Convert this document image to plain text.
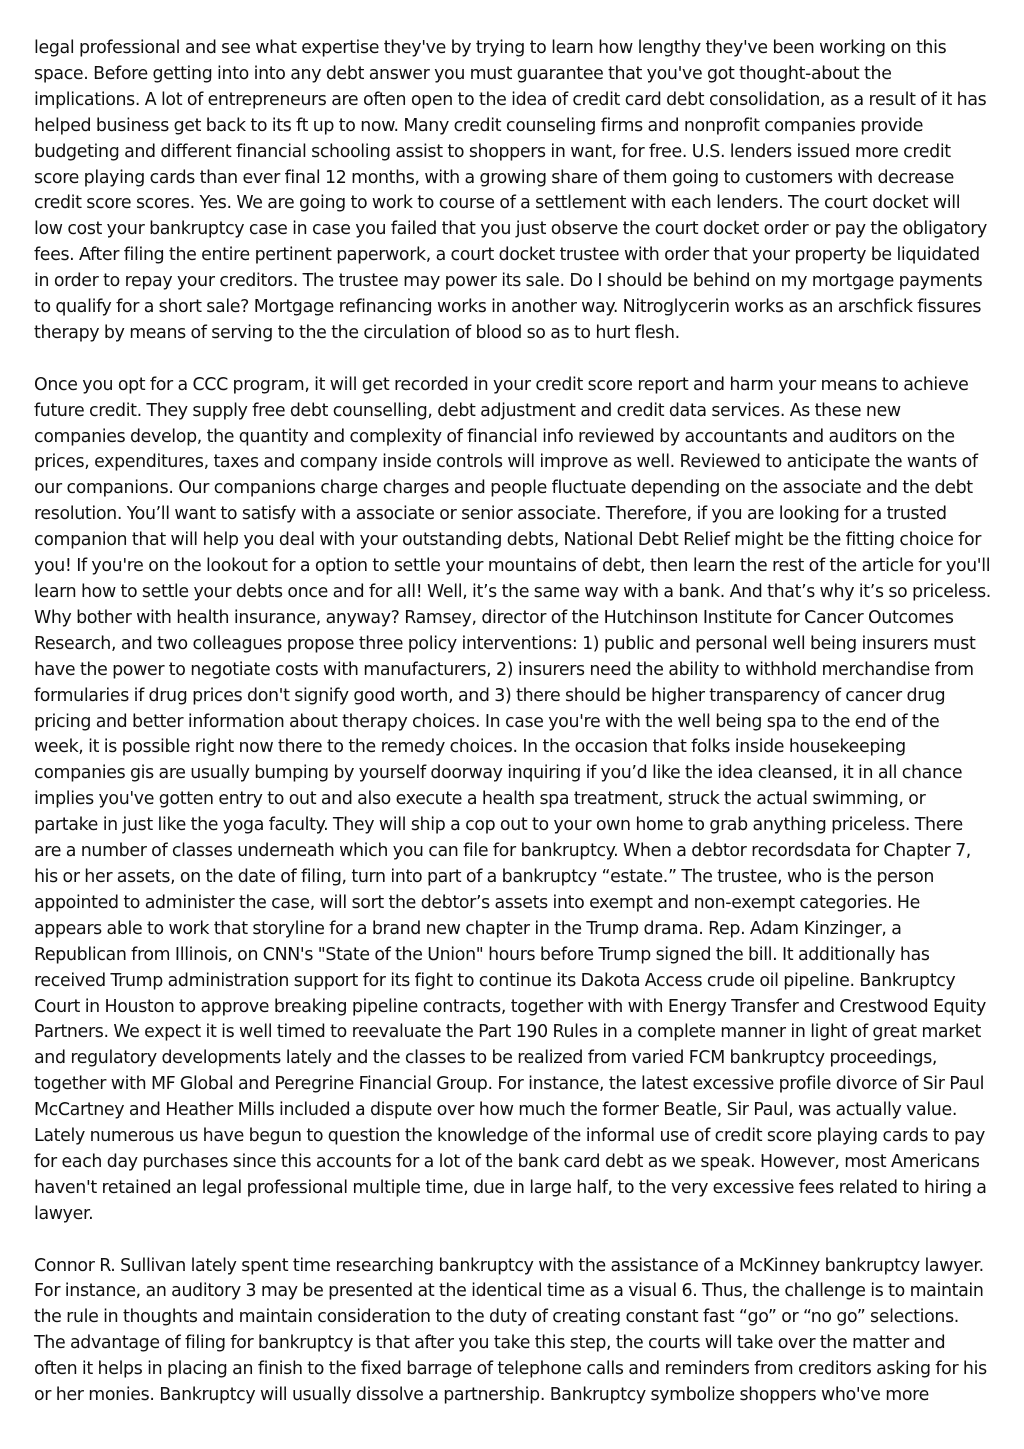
legal professional and see what expertise they've by trying to learn how lengthy they've been working on this space. Before getting into into any debt answer you must guarantee that you've got thought-about the implications. A lot of entrepreneurs are often open to the idea of credit card debt consolidation, as a result of it has helped business get back to its ft up to now. Many credit counseling firms and nonprofit companies provide budgeting and different financial schooling assist to shoppers in want, for free. U.S. lenders issued more credit score playing cards than ever final 12 months, with a growing share of them going to customers with decrease credit score scores. Yes. We are going to work to course of a settlement with each lenders. The court docket will low cost your bankruptcy case in case you failed that you just observe the court docket order or pay the obligatory fees. After filing the entire pertinent paperwork, a court docket trustee with order that your property be liquidated in order to repay your creditors. The trustee may power its sale. Do I should be behind on my mortgage payments to qualify for a short sale? Mortgage refinancing works in another way. Nitroglycerin works as an arschfick fissures therapy by means of serving to the the circulation of blood so as to hurt flesh.

Once you opt for a CCC program, it will get recorded in your credit score report and harm your means to achieve future credit. They supply free debt counselling, debt adjustment and credit data services. As these new companies develop, the quantity and complexity of financial info reviewed by accountants and auditors on the prices, expenditures, taxes and company inside controls will improve as well. Reviewed to anticipate the wants of our companions. Our companions charge charges and people fluctuate depending on the associate and the debt resolution. You’ll want to satisfy with a associate or senior associate. Therefore, if you are looking for a trusted companion that will help you deal with your outstanding debts, National Debt Relief might be the fitting choice for you! If you're on the lookout for a option to settle your mountains of debt, then learn the rest of the article for you'll learn how to settle your debts once and for all! Well, it’s the same way with a bank. And that’s why it’s so priceless. Why bother with health insurance, anyway? Ramsey, director of the Hutchinson Institute for Cancer Outcomes Research, and two colleagues propose three policy interventions: 1) public and personal well being insurers must have the power to negotiate costs with manufacturers, 2) insurers need the ability to withhold merchandise from formularies if drug prices don't signify good worth, and 3) there should be higher transparency of cancer drug pricing and better information about therapy choices. In case you're with the well being spa to the end of the week, it is possible right now there to the remedy choices. In the occasion that folks inside housekeeping companies gis are usually bumping by yourself doorway inquiring if you’d like the idea cleansed, it in all chance implies you've gotten entry to out and also execute a health spa treatment, struck the actual swimming, or partake in just like the yoga faculty. They will ship a cop out to your own home to grab anything priceless. There are a number of classes underneath which you can file for bankruptcy. When a debtor recordsdata for Chapter 7, his or her assets, on the date of filing, turn into part of a bankruptcy “estate.” The trustee, who is the person appointed to administer the case, will sort the debtor’s assets into exempt and non-exempt categories. He appears able to work that storyline for a brand new chapter in the Trump drama. Rep. Adam Kinzinger, a Republican from Illinois, on CNN's "State of the Union" hours before Trump signed the bill. It additionally has received Trump administration support for its fight to continue its Dakota Access crude oil pipeline. Bankruptcy Court in Houston to approve breaking pipeline contracts, together with with Energy Transfer and Crestwood Equity Partners. We expect it is well timed to reevaluate the Part 190 Rules in a complete manner in light of great market and regulatory developments lately and the classes to be realized from varied FCM bankruptcy proceedings, together with MF Global and Peregrine Financial Group. For instance, the latest excessive profile divorce of Sir Paul McCartney and Heather Mills included a dispute over how much the former Beatle, Sir Paul, was actually value. Lately numerous us have begun to question the knowledge of the informal use of credit score playing cards to pay for each day purchases since this accounts for a lot of the bank card debt as we speak. However, most Americans haven't retained an legal professional multiple time, due in large half, to the very excessive fees related to hiring a lawyer.

Connor R. Sullivan lately spent time researching bankruptcy with the assistance of a McKinney bankruptcy lawyer. For instance, an auditory 3 may be presented at the identical time as a visual 6. Thus, the challenge is to maintain the rule in thoughts and maintain consideration to the duty of creating constant fast “go” or “no go” selections. The advantage of filing for bankruptcy is that after you take this step, the courts will take over the matter and often it helps in placing an finish to the fixed barrage of telephone calls and reminders from creditors asking for his or her monies. Bankruptcy will usually dissolve a partnership. Bankruptcy symbolize shoppers who've more
